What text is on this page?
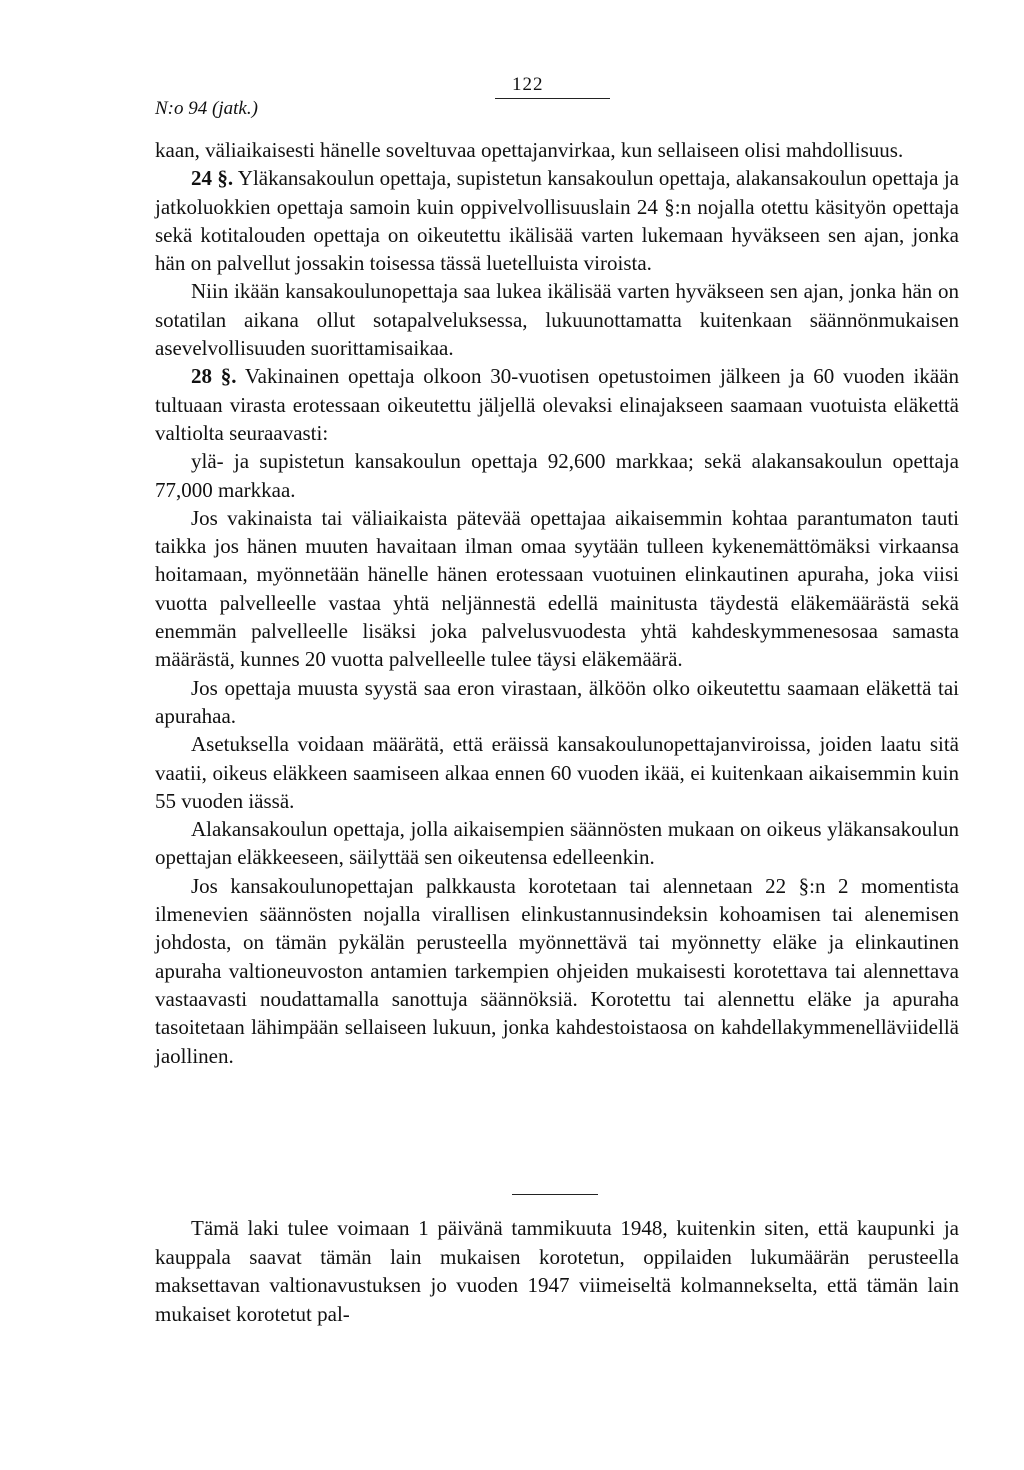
122
N:o 94 (jatk.)

kaan, väliaikaisesti hänelle soveltuvaa opettajanvirkaa, kun sellaiseen olisi mahdollisuus.

24 §. Yläkansakoulun opettaja, supistetun kansakoulun opettaja, alakansakoulun opettaja ja jatkoluokkien opettaja samoin kuin oppivelvollisuuslain 24 §:n nojalla otettu käsityön opettaja sekä kotitalouden opettaja on oikeutettu ikälisää varten lukemaan hyväkseen sen ajan, jonka hän on palvellut jossakin toisessa tässä luetelluista viroista.

Niin ikään kansakoulunopettaja saa lukea ikälisää varten hyväkseen sen ajan, jonka hän on sotatilan aikana ollut sotapalveluksessa, lukuunottamatta kuitenkaan säännönmukaisen asevelvollisuuden suorittamisaikaa.

28 §. Vakinainen opettaja olkoon 30-vuotisen opetustoimen jälkeen ja 60 vuoden ikään tultuaan virasta erotessaan oikeutettu jäljellä olevaksi elinajakseen saamaan vuotuista eläkettä valtiolta seuraavasti:

ylä- ja supistetun kansakoulun opettaja 92,600 markkaa; sekä alakansakoulun opettaja 77,000 markkaa.

Jos vakinaista tai väliaikaista pätevää opettajaa aikaisemmin kohtaa parantumaton tauti taikka jos hänen muuten havaitaan ilman omaa syytään tulleen kykenemättömäksi virkaansa hoitamaan, myönnetään hänelle hänen erotessaan vuotuinen elinkautinen apuraha, joka viisi vuotta palvelleelle vastaa yhtä neljännestä edellä mainitusta täydestä eläkemäärästä sekä enemmän palvelleelle lisäksi joka palvelusvuodesta yhtä kahdeskymmenesosaa samasta määrästä, kunnes 20 vuotta palvelleelle tulee täysi eläkemäärä.

Jos opettaja muusta syystä saa eron virastaan, älköön olko oikeutettu saamaan eläkettä tai apurahaa.

Asetuksella voidaan määrätä, että eräissä kansakoulunopettajanviroissa, joiden laatu sitä vaatii, oikeus eläkkeen saamiseen alkaa ennen 60 vuoden ikää, ei kuitenkaan aikaisemmin kuin 55 vuoden iässä.

Alakansakoulun opettaja, jolla aikaisempien säännösten mukaan on oikeus yläkansakoulun opettajan eläkkeeseen, säilyttää sen oikeutensa edelleenkin.

Jos kansakoulunopettajan palkkausta korotetaan tai alennetaan 22 §:n 2 momentista ilmenevien säännösten nojalla virallisen elinkustannusindeksin kohoamisen tai alenemisen johdosta, on tämän pykälän perusteella myönnettävä tai myönnetty eläke ja elinkautinen apuraha valtioneuvoston antamien tarkempien ohjeiden mukaisesti korotettava tai alennettava vastaavasti noudattamalla sanottuja säännöksiä. Korotettu tai alennettu eläke ja apuraha tasoitetaan lähimpään sellaiseen lukuun, jonka kahdestoistaosa on kahdellakymmenelläviidellä jaollinen.

Tämä laki tulee voimaan 1 päivänä tammikuuta 1948, kuitenkin siten, että kaupunki ja kauppala saavat tämän lain mukaisen korotetun, oppilaiden lukumäärän perusteella maksettavan valtionavustuksen jo vuoden 1947 viimeiseltä kolmannekselta, että tämän lain mukaiset korotetut pal-
